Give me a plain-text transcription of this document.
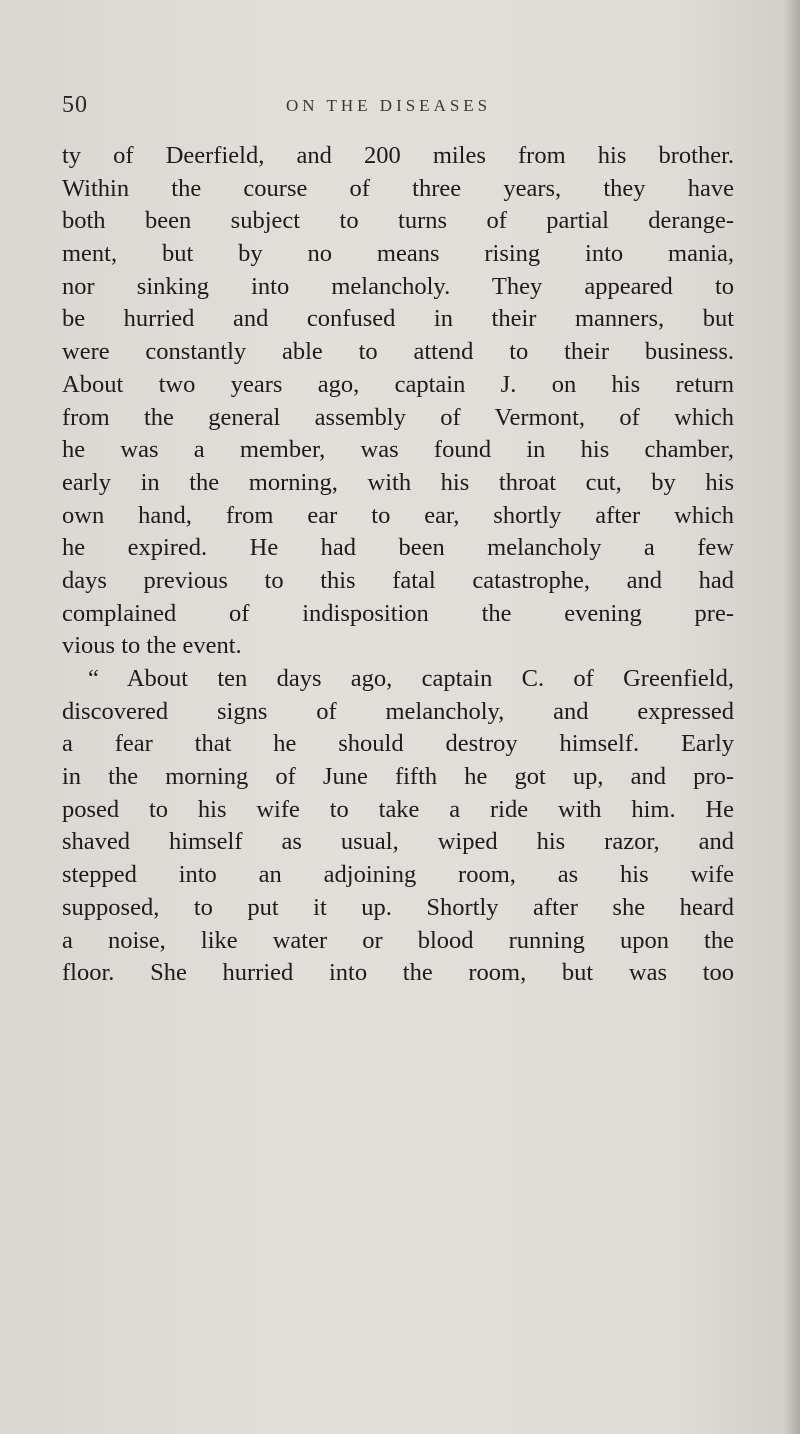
50	ON THE DISEASES
ty of Deerfield, and 200 miles from his brother.
Within the course of three years, they have
both been subject to turns of partial derange-
ment, but by no means rising into mania,
nor sinking into melancholy. They appeared to
be hurried and confused in their manners, but
were constantly able to attend to their business.
About two years ago, captain J. on his return
from the general assembly of Vermont, of which
he was a member, was found in his chamber,
early in the morning, with his throat cut, by his
own hand, from ear to ear, shortly after which
he expired. He had been melancholy a few
days previous to this fatal catastrophe, and had
complained of indisposition the evening pre-
vious to the event.
“ About ten days ago, captain C. of Greenfield,
discovered signs of melancholy, and expressed
a fear that he should destroy himself. Early
in the morning of June fifth he got up, and pro-
posed to his wife to take a ride with him. He
shaved himself as usual, wiped his razor, and
stepped into an adjoining room, as his wife
supposed, to put it up. Shortly after she heard
a noise, like water or blood running upon the
floor. She hurried into the room, but was too
